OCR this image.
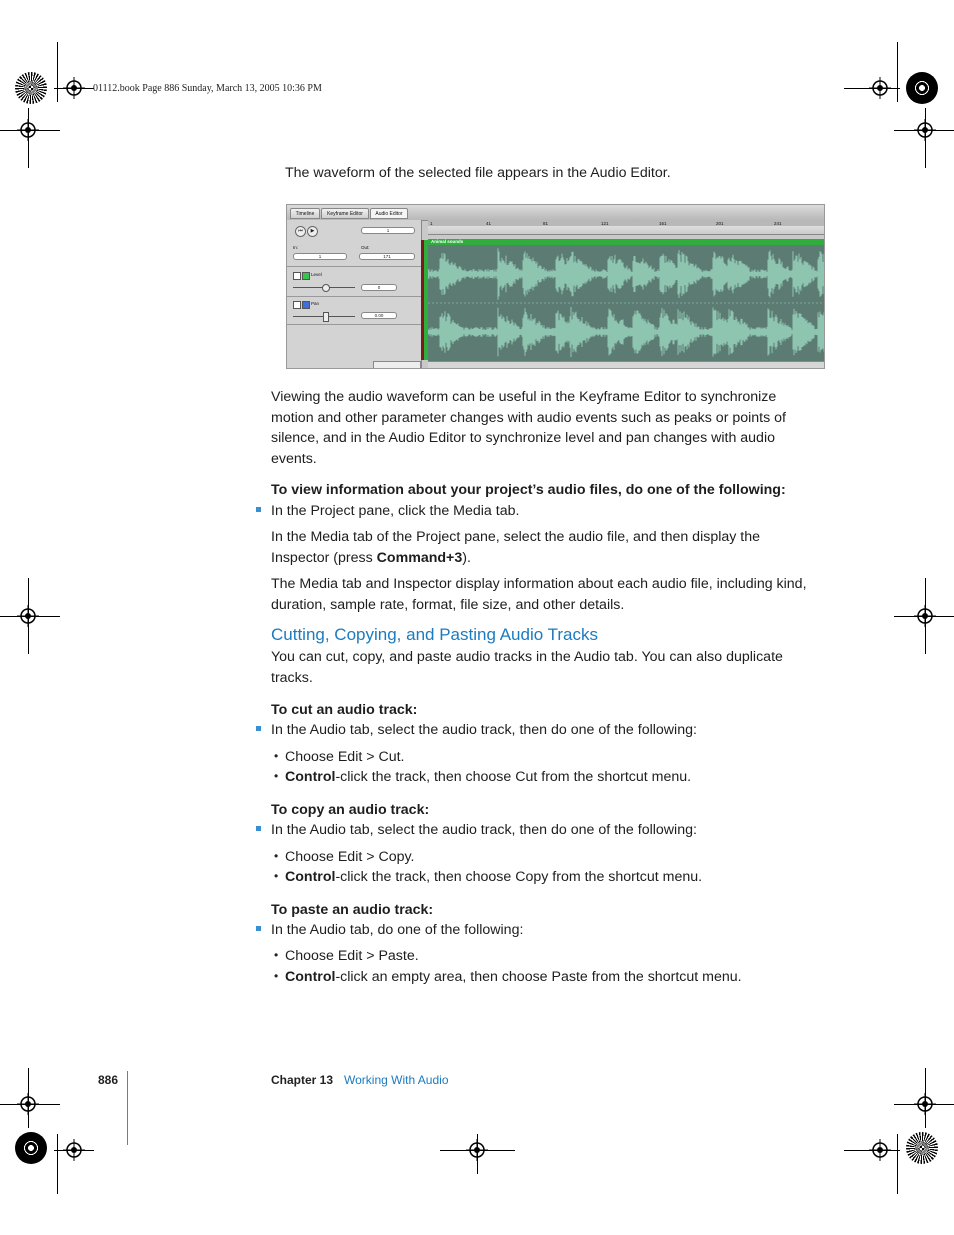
01112.book Page 886 Sunday, March 13, 2005 10:36 PM
The waveform of the selected file appears in the Audio Editor.
Timeline	Keyframe Editor	Audio Editor
⏮	▶	1
In:	Out:
1	171
Level
0
Pan
0.00
1	41	81	121	161	201	241
Animal sounds
Viewing the audio waveform can be useful in the Keyframe Editor to synchronize motion and other parameter changes with audio events such as peaks or points of silence, and in the Audio Editor to synchronize level and pan changes with audio events.
To view information about your project’s audio files, do one of the following:
In the Project pane, click the Media tab.
In the Media tab of the Project pane, select the audio file, and then display the Inspector (press Command+3).
The Media tab and Inspector display information about each audio file, including kind, duration, sample rate, format, file size, and other details.
Cutting, Copying, and Pasting Audio Tracks
You can cut, copy, and paste audio tracks in the Audio tab. You can also duplicate tracks.
To cut an audio track:
In the Audio tab, select the audio track, then do one of the following:
• Choose Edit > Cut.
• Control-click the track, then choose Cut from the shortcut menu.
To copy an audio track:
In the Audio tab, select the audio track, then do one of the following:
• Choose Edit > Copy.
• Control-click the track, then choose Copy from the shortcut menu.
To paste an audio track:
In the Audio tab, do one of the following:
• Choose Edit > Paste.
• Control-click an empty area, then choose Paste from the shortcut menu.
886	Chapter 13 Working With Audio
